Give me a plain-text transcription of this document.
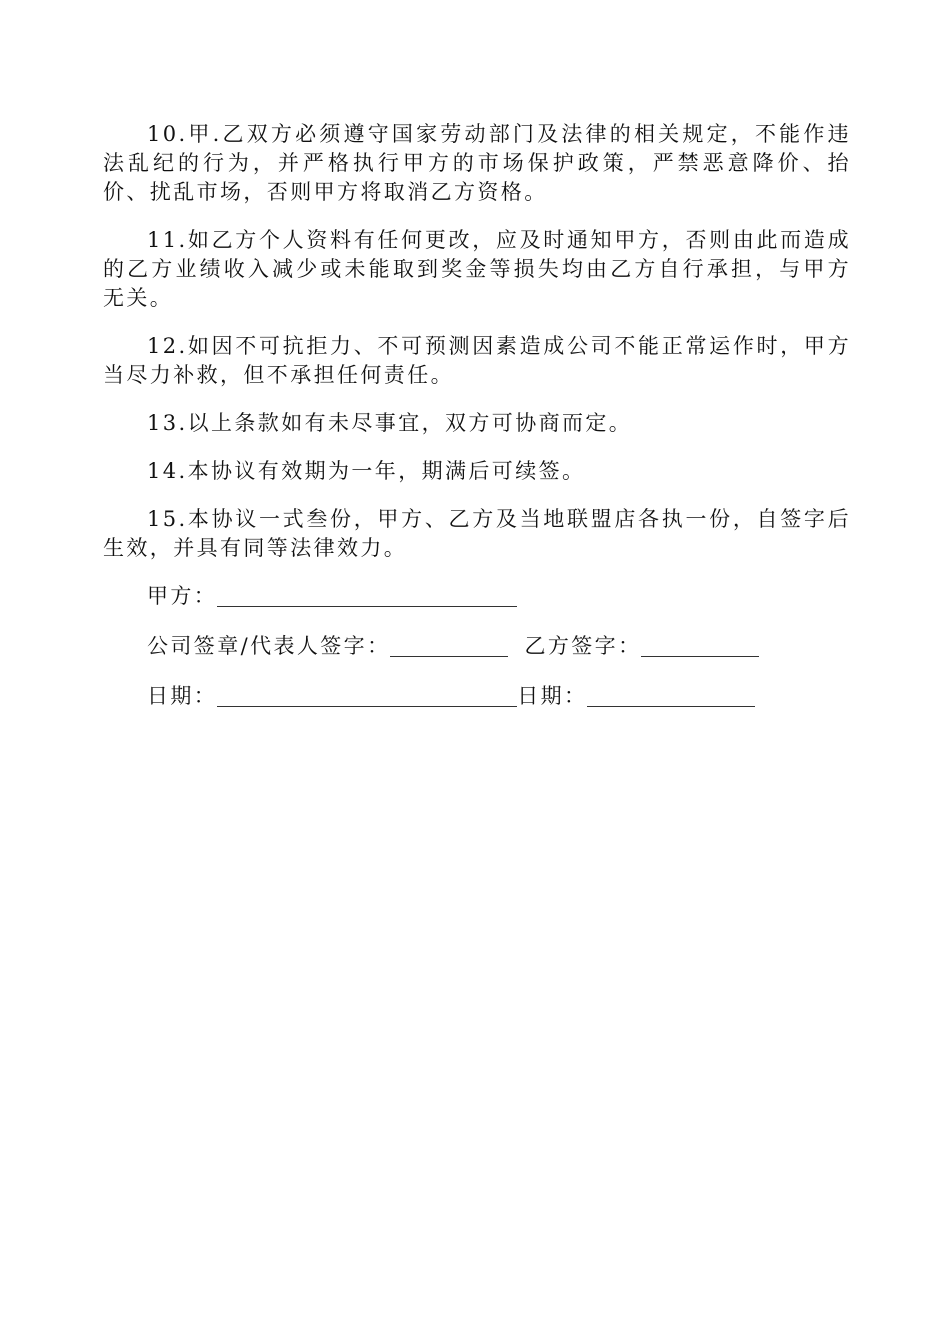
10.甲.乙双方必须遵守国家劳动部门及法律的相关规定，不能作违法乱纪的行为，并严格执行甲方的市场保护政策，严禁恶意降价、抬价、扰乱市场，否则甲方将取消乙方资格。

11.如乙方个人资料有任何更改，应及时通知甲方，否则由此而造成的乙方业绩收入减少或未能取到奖金等损失均由乙方自行承担，与甲方无关。

12.如因不可抗拒力、不可预测因素造成公司不能正常运作时，甲方当尽力补救，但不承担任何责任。

13.以上条款如有未尽事宜，双方可协商而定。

14.本协议有效期为一年，期满后可续签。

15.本协议一式叁份，甲方、乙方及当地联盟店各执一份，自签字后生效，并具有同等法律效力。

甲方：
公司签章/代表人签字：	乙方签字：
日期：	日期：
